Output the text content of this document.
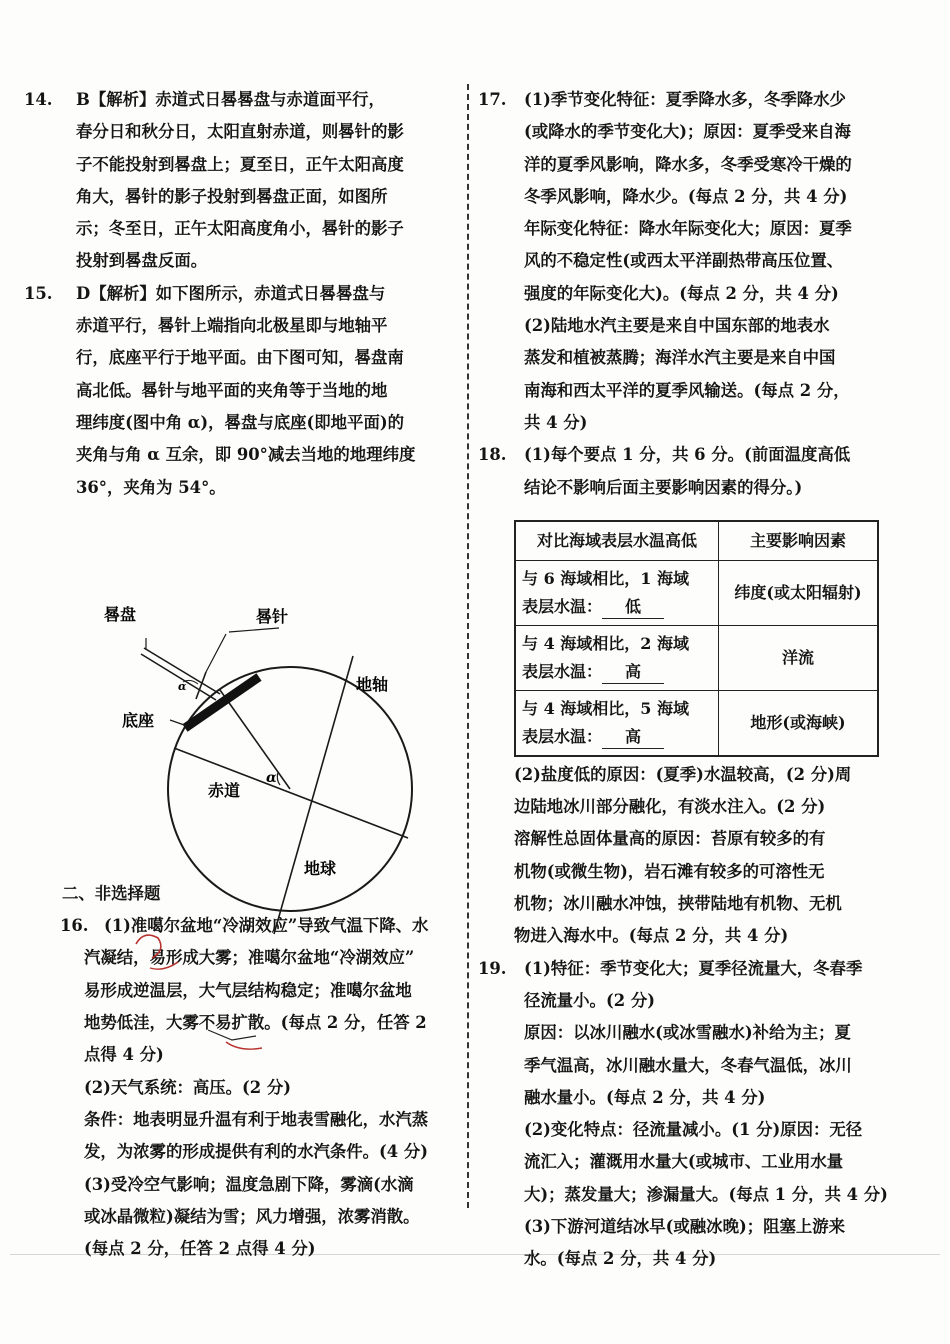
14.	B【解析】赤道式日晷晷盘与赤道面平行，

春分日和秋分日，太阳直射赤道，则晷针的影

子不能投射到晷盘上；夏至日，正午太阳高度

角大，晷针的影子投射到晷盘正面，如图所

示；冬至日，正午太阳高度角小，晷针的影子

投射到晷盘反面。

15.	D【解析】如下图所示，赤道式日晷晷盘与

赤道平行，晷针上端指向北极星即与地轴平

行，底座平行于地平面。由下图可知，晷盘南

高北低。晷针与地平面的夹角等于当地的地

理纬度(图中角 α)，晷盘与底座(即地平面)的

夹角与角 α 互余，即 90°减去当地的地理纬度

36°，夹角为 54°。

晷盘	晷针
底座
地轴
赤道
地球
α
α
二、非选择题
16. (1)准噶尔盆地“冷湖效应”导致气温下降、水

汽凝结，易形成大雾；准噶尔盆地“冷湖效应”

易形成逆温层，大气层结构稳定；准噶尔盆地

地势低洼，大雾不易扩散。(每点 2 分，任答 2

点得 4 分)

(2)天气系统：高压。(2 分)

条件：地表明显升温有利于地表雪融化，水汽蒸

发，为浓雾的形成提供有利的水汽条件。(4 分)

(3)受冷空气影响；温度急剧下降，雾滴(水滴

或冰晶微粒)凝结为雪；风力增强，浓雾消散。

(每点 2 分，任答 2 点得 4 分)

17.	(1)季节变化特征：夏季降水多，冬季降水少

(或降水的季节变化大)；原因：夏季受来自海

洋的夏季风影响，降水多，冬季受寒冷干燥的

冬季风影响，降水少。(每点 2 分，共 4 分)

年际变化特征：降水年际变化大；原因：夏季

风的不稳定性(或西太平洋副热带高压位置、

强度的年际变化大)。(每点 2 分，共 4 分)

(2)陆地水汽主要是来自中国东部的地表水

蒸发和植被蒸腾；海洋水汽主要是来自中国

南海和西太平洋的夏季风输送。(每点 2 分，

共 4 分)

18.	(1)每个要点 1 分，共 6 分。(前面温度高低

结论不影响后面主要影响因素的得分。)

对比海域表层水温高低	主要影响因素

与 6 海域相比，1 海域
表层水温： 低	纬度(或太阳辐射)

与 4 海域相比，2 海域
表层水温： 高	洋流

与 4 海域相比，5 海域
表层水温： 高	地形(或海峡)

(2)盐度低的原因：(夏季)水温较高，(2 分)周

边陆地冰川部分融化，有淡水注入。(2 分)

溶解性总固体量高的原因：苔原有较多的有

机物(或微生物)，岩石滩有较多的可溶性无

机物；冰川融水冲蚀，挟带陆地有机物、无机

物进入海水中。(每点 2 分，共 4 分)

19.	(1)特征：季节变化大；夏季径流量大，冬春季

径流量小。(2 分)

原因：以冰川融水(或冰雪融水)补给为主；夏

季气温高，冰川融水量大，冬春气温低，冰川

融水量小。(每点 2 分，共 4 分)

(2)变化特点：径流量减小。(1 分)原因：无径

流汇入；灌溉用水量大(或城市、工业用水量

大)；蒸发量大；渗漏量大。(每点 1 分，共 4 分)

(3)下游河道结冰早(或融冰晚)；阻塞上游来

水。(每点 2 分，共 4 分)
